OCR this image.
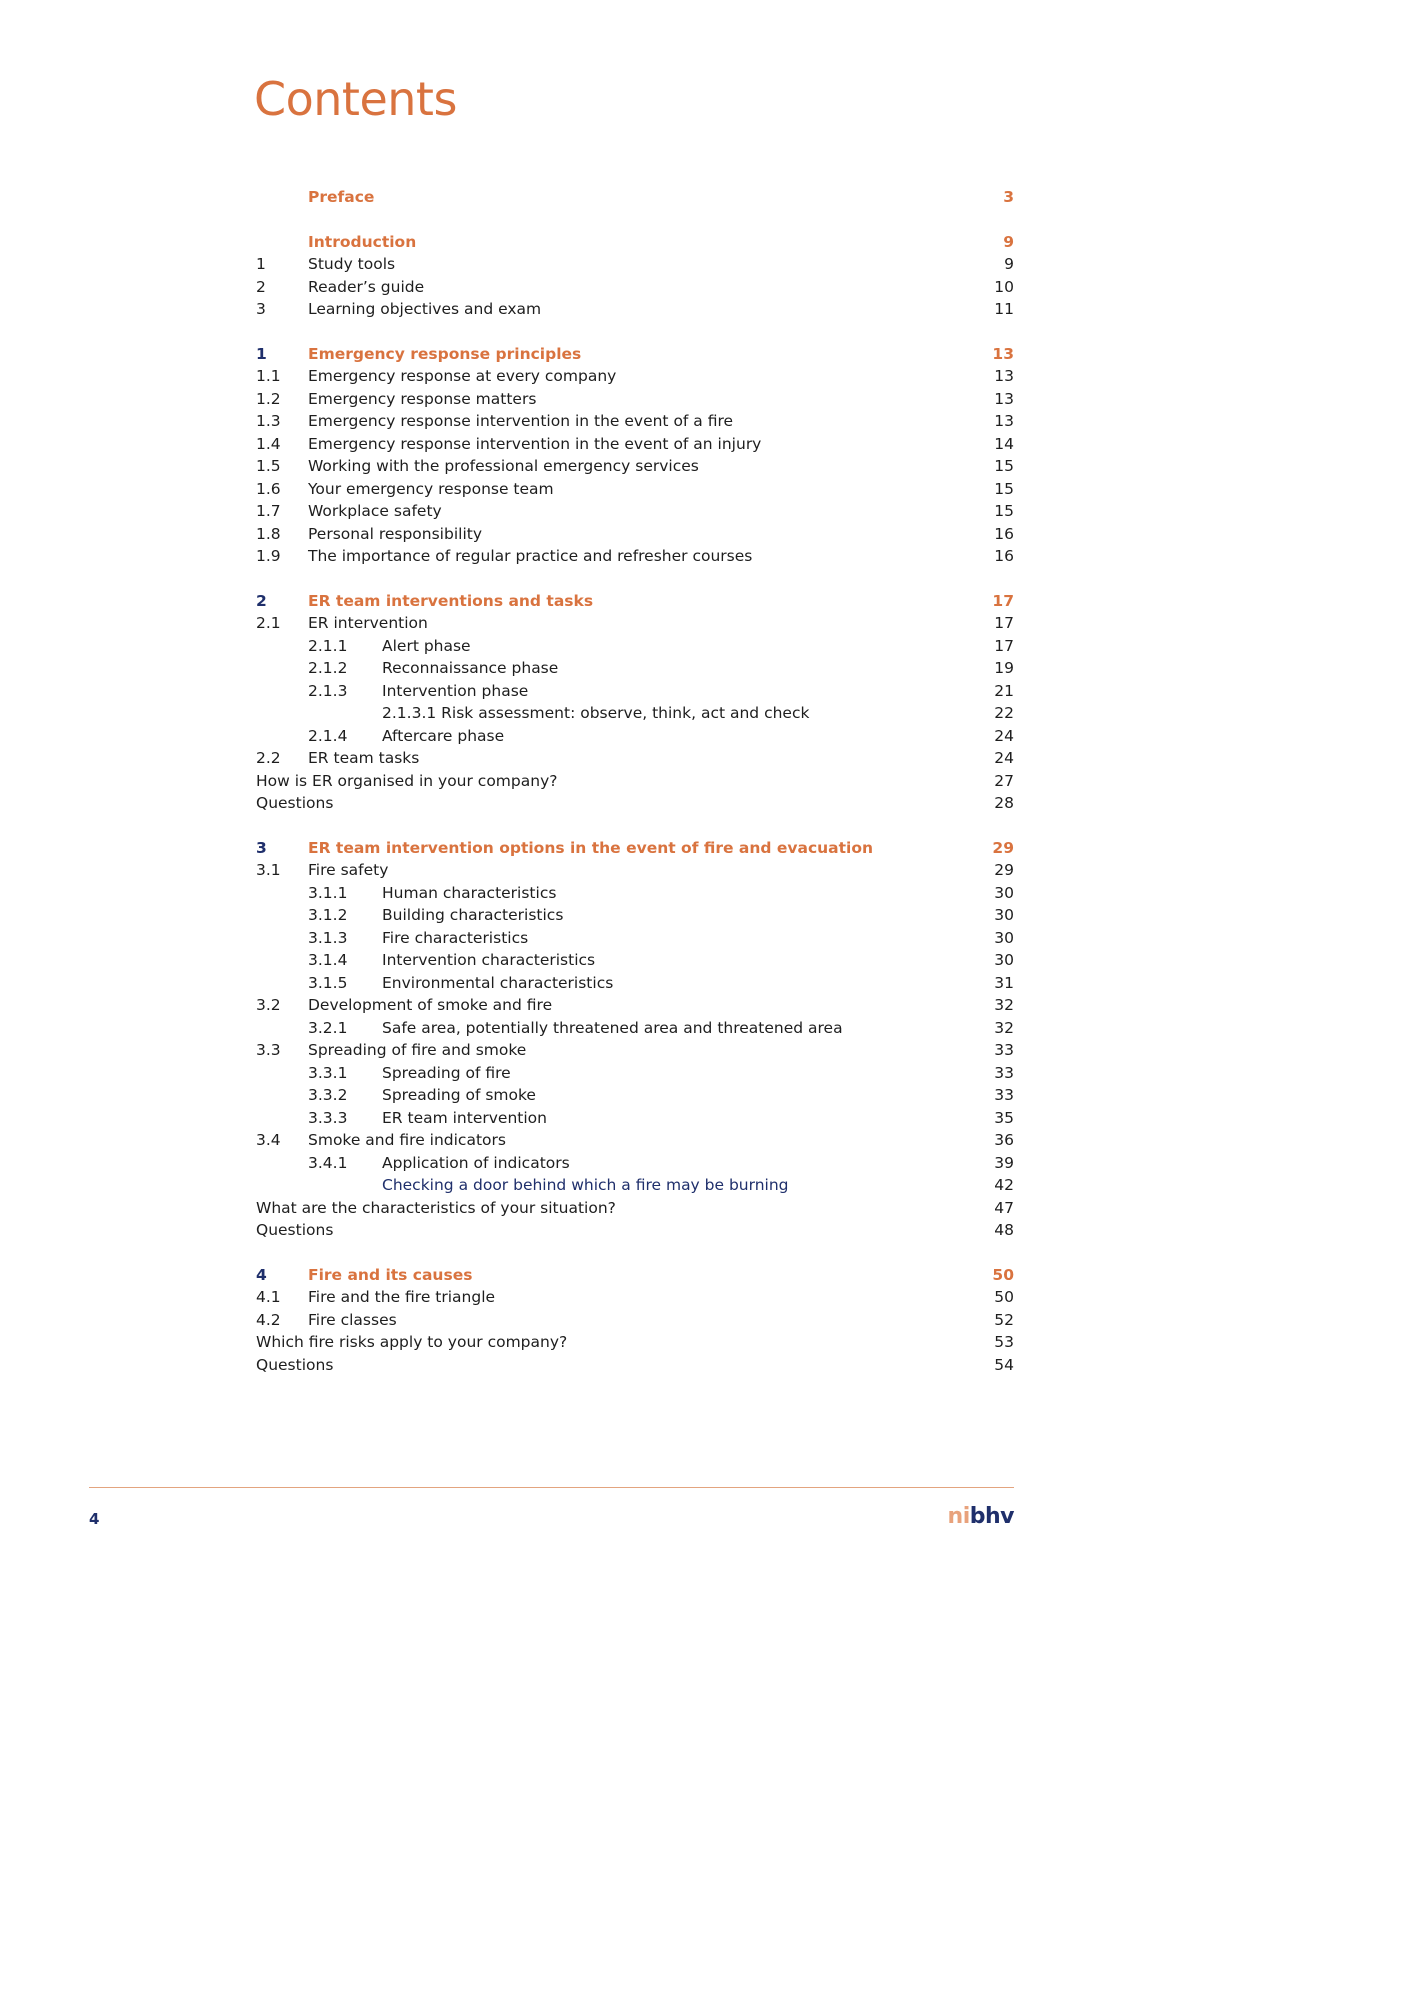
Contents
Preface	3
Introduction	9
1	Study tools	9
2	Reader’s guide	10
3	Learning objectives and exam	11
1	Emergency response principles	13
1.1 Emergency response at every company	13
1.2 Emergency response matters	13
1.3 Emergency response intervention in the event of a fire	13
1.4 Emergency response intervention in the event of an injury	14
1.5 Working with the professional emergency services	15
1.6 Your emergency response team	15
1.7 Workplace safety	15
1.8 Personal responsibility	16
1.9 The importance of regular practice and refresher courses	16
2	ER team interventions and tasks	17
2.1 ER intervention	17
2.1.1 Alert phase	17
2.1.2 Reconnaissance phase	19
2.1.3 Intervention phase	21
2.1.3.1 Risk assessment: observe, think, act and check	22
2.1.4 Aftercare phase	24
2.2 ER team tasks	24
How is ER organised in your company?	27
Questions	28
3	ER team intervention options in the event of fire and evacuation	29
3.1 Fire safety	29
3.1.1 Human characteristics	30
3.1.2 Building characteristics	30
3.1.3 Fire characteristics	30
3.1.4 Intervention characteristics	30
3.1.5 Environmental characteristics	31
3.2 Development of smoke and fire	32
3.2.1 Safe area, potentially threatened area and threatened area	32
3.3 Spreading of fire and smoke	33
3.3.1 Spreading of fire	33
3.3.2 Spreading of smoke	33
3.3.3 ER team intervention	35
3.4 Smoke and fire indicators	36
3.4.1 Application of indicators	39
Checking a door behind which a fire may be burning	42
What are the characteristics of your situation?	47
Questions	48
4	Fire and its causes	50
4.1 Fire and the fire triangle	50
4.2 Fire classes	52
Which fire risks apply to your company?	53
Questions	54
4	nibhv
